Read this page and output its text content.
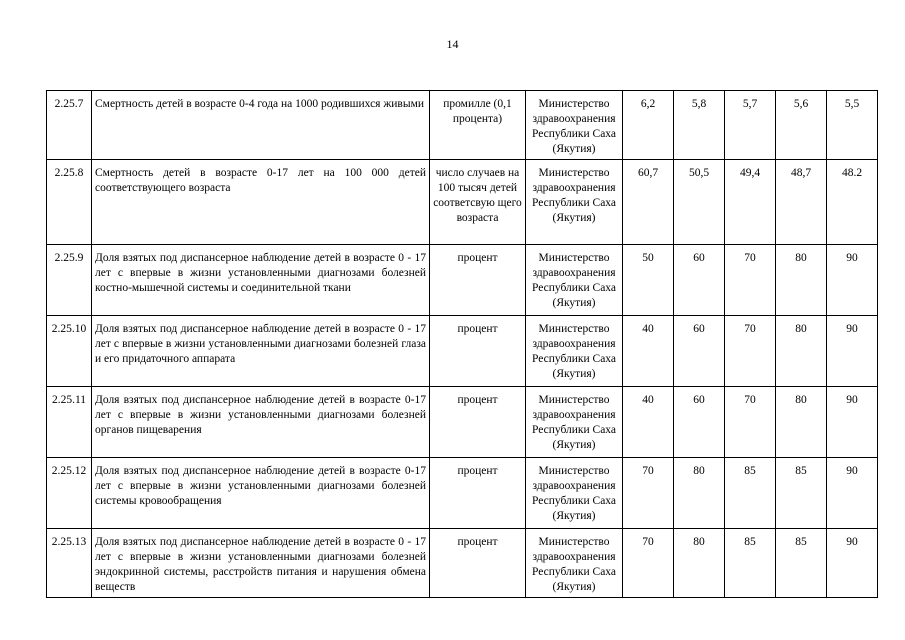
14
2.25.7	Смертность детей в возрасте 0-4 года на 1000 родившихся живыми	промилле (0,1 процента)	Министерство здравоохранения Республики Саха (Якутия)	6,2	5,8	5,7	5,6	5,5
2.25.8	Смертность детей в возрасте 0-17 лет на 100 000 детей соответствующего возраста	число случаев на 100 тысяч детей соответсвую щего возраста	Министерство здравоохранения Республики Саха (Якутия)	60,7	50,5	49,4	48,7	48.2
2.25.9	Доля взятых под диспансерное наблюдение детей в возрасте 0 - 17 лет с впервые в жизни установленными диагнозами болезней костно-мышечной системы и соединительной ткани	процент	Министерство здравоохранения Республики Саха (Якутия)	50	60	70	80	90
2.25.10	Доля взятых под диспансерное наблюдение детей в возрасте 0 - 17 лет с впервые в жизни установленными диагнозами болезней глаза и его придаточного аппарата	процент	Министерство здравоохранения Республики Саха (Якутия)	40	60	70	80	90
2.25.11	Доля взятых под диспансерное наблюдение детей в возрасте 0-17 лет с впервые в жизни установленными диагнозами болезней органов пищеварения	процент	Министерство здравоохранения Республики Саха (Якутия)	40	60	70	80	90
2.25.12	Доля взятых под диспансерное наблюдение детей в возрасте 0-17 лет с впервые в жизни установленными диагнозами болезней системы кровообращения	процент	Министерство здравоохранения Республики Саха (Якутия)	70	80	85	85	90
2.25.13	Доля взятых под диспансерное наблюдение детей в возрасте 0 - 17 лет с впервые в жизни установленными диагнозами болезней эндокринной системы, расстройств питания и нарушения обмена веществ	процент	Министерство здравоохранения Республики Саха (Якутия)	70	80	85	85	90
